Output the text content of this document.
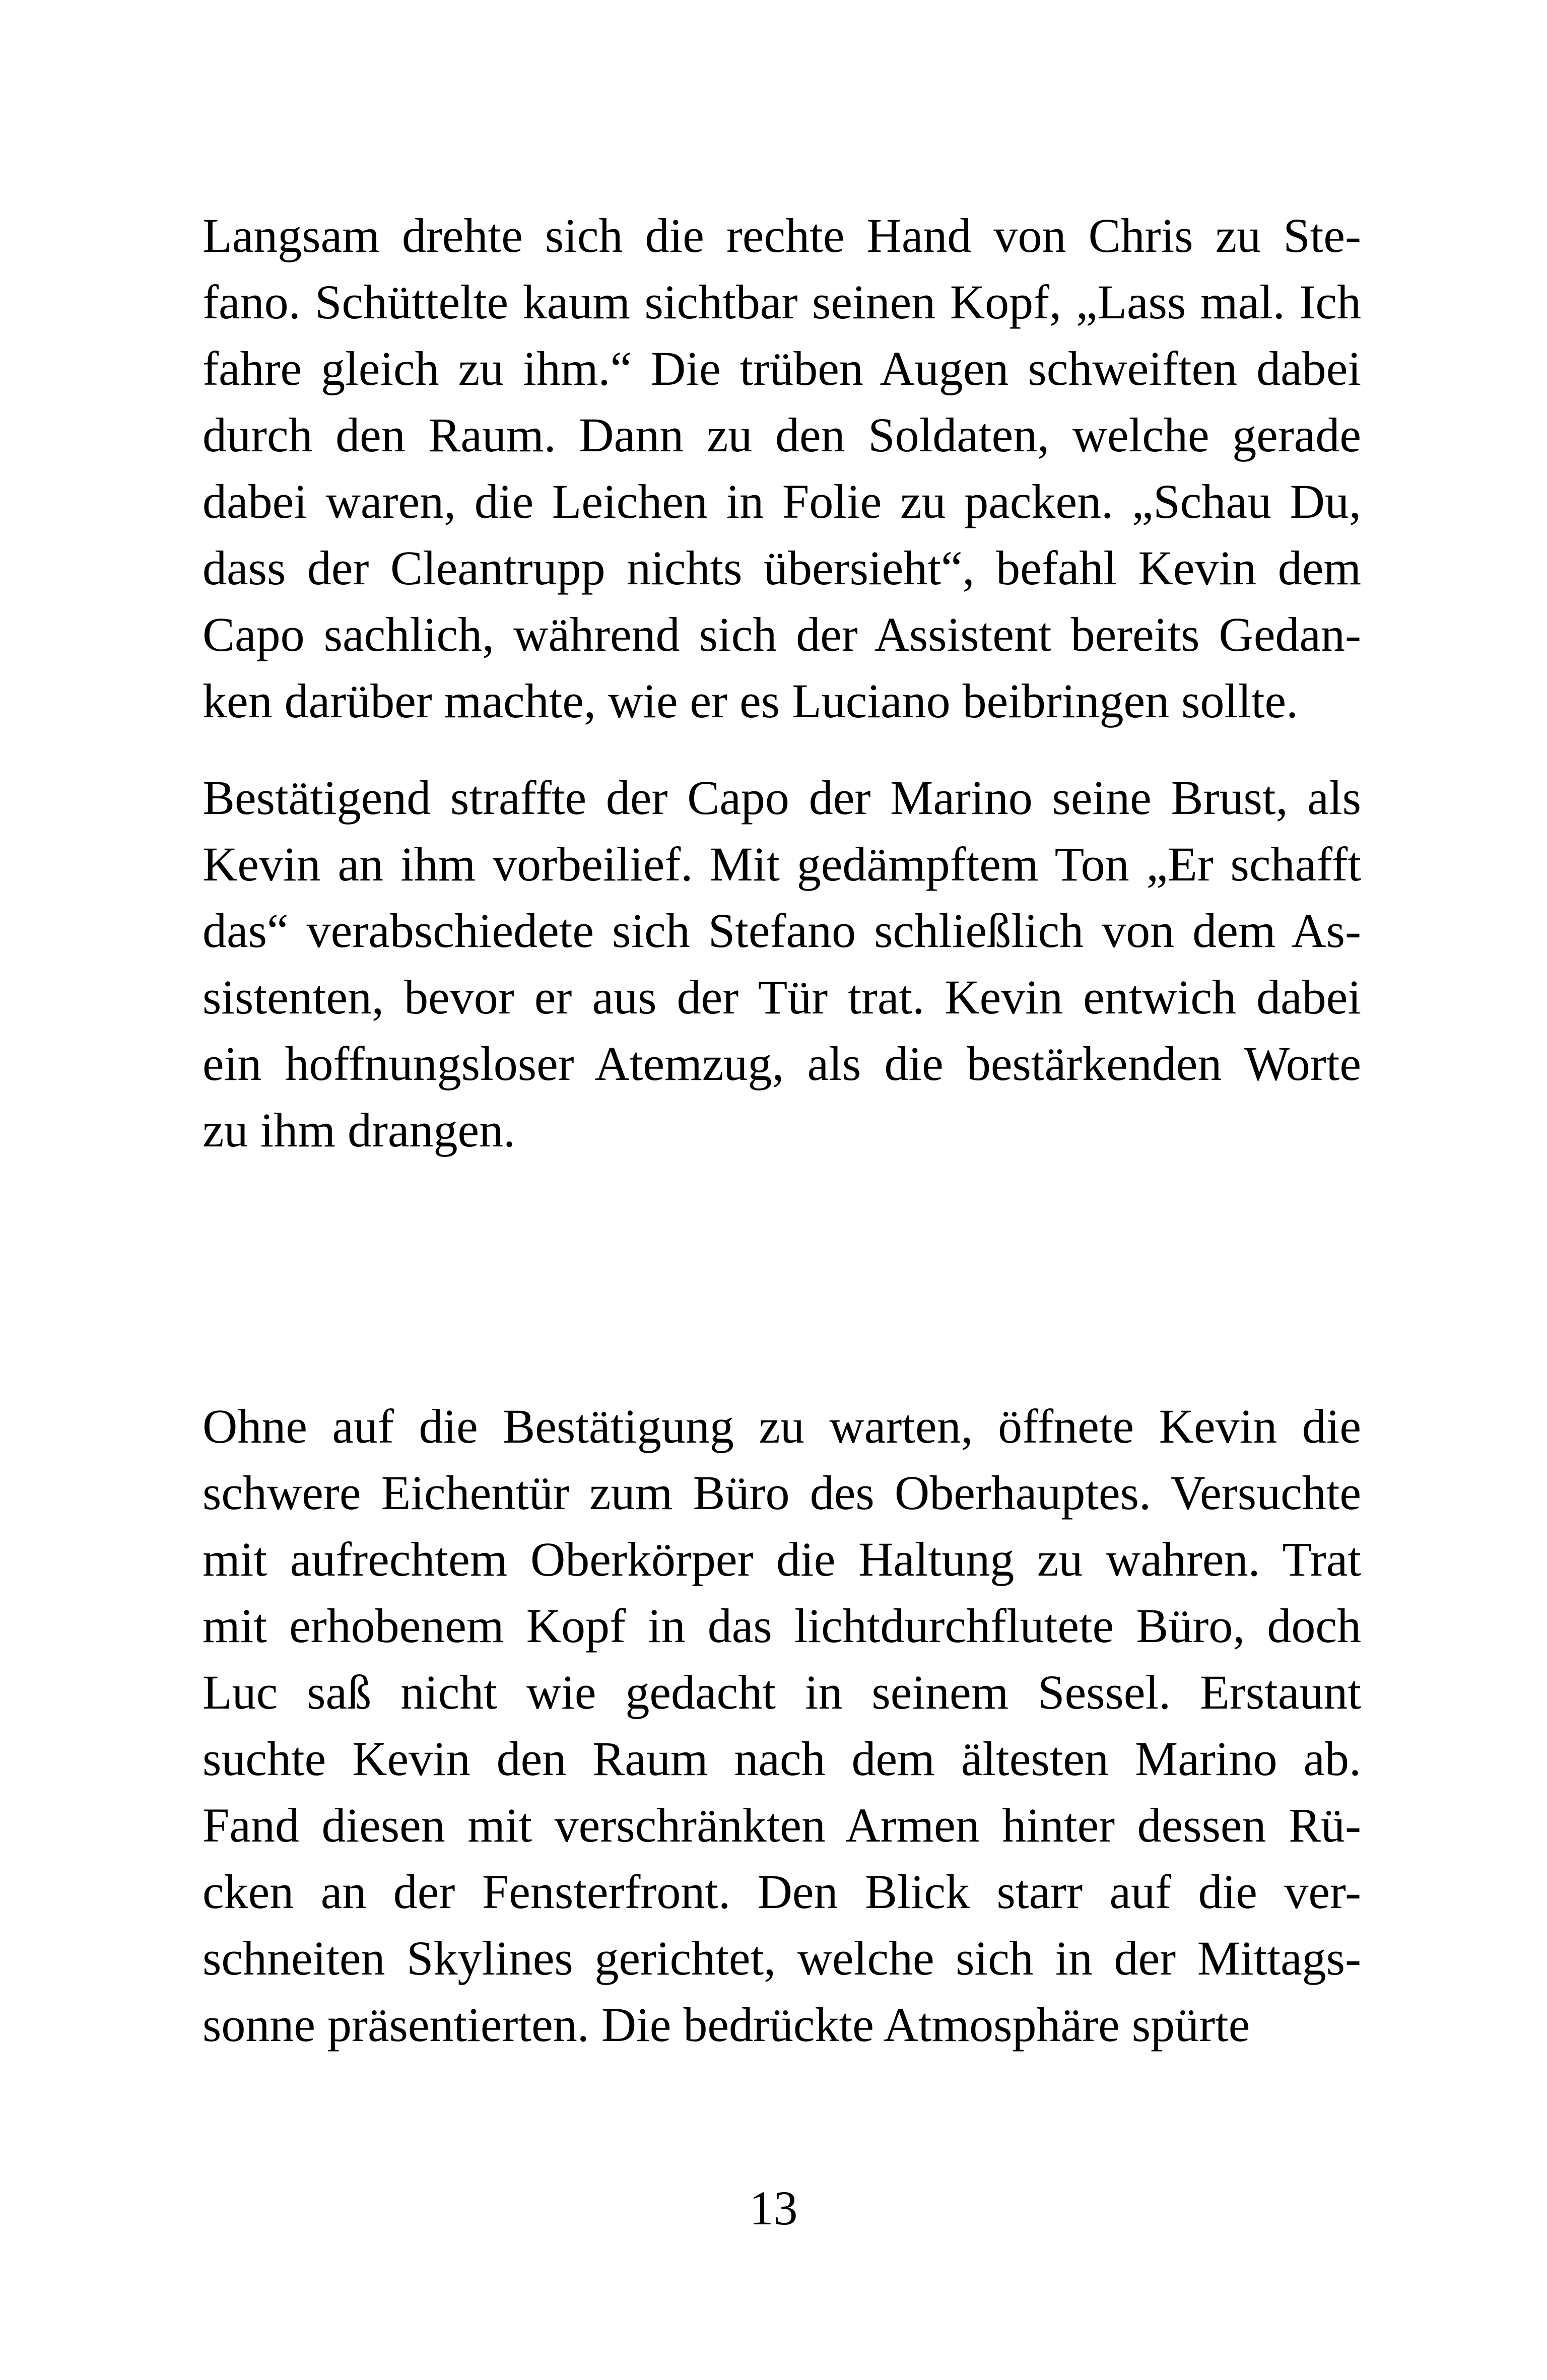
Langsam drehte sich die rechte Hand von Chris zu Ste-
fano. Schüttelte kaum sichtbar seinen Kopf, „Lass mal. Ich
fahre gleich zu ihm.“ Die trüben Augen schweiften dabei
durch den Raum. Dann zu den Soldaten, welche gerade
dabei waren, die Leichen in Folie zu packen. „Schau Du,
dass der Cleantrupp nichts übersieht“, befahl Kevin dem
Capo sachlich, während sich der Assistent bereits Gedan-
ken darüber machte, wie er es Luciano beibringen sollte.
Bestätigend straffte der Capo der Marino seine Brust, als
Kevin an ihm vorbeilief. Mit gedämpftem Ton „Er schafft
das“ verabschiedete sich Stefano schließlich von dem As-
sistenten, bevor er aus der Tür trat. Kevin entwich dabei
ein hoffnungsloser Atemzug, als die bestärkenden Worte
zu ihm drangen.
Ohne auf die Bestätigung zu warten, öffnete Kevin die
schwere Eichentür zum Büro des Oberhauptes. Versuchte
mit aufrechtem Oberkörper die Haltung zu wahren. Trat
mit erhobenem Kopf in das lichtdurchflutete Büro, doch
Luc saß nicht wie gedacht in seinem Sessel. Erstaunt
suchte Kevin den Raum nach dem ältesten Marino ab.
Fand diesen mit verschränkten Armen hinter dessen Rü-
cken an der Fensterfront. Den Blick starr auf die ver-
schneiten Skylines gerichtet, welche sich in der Mittags-
sonne präsentierten. Die bedrückte Atmosphäre spürte
13
